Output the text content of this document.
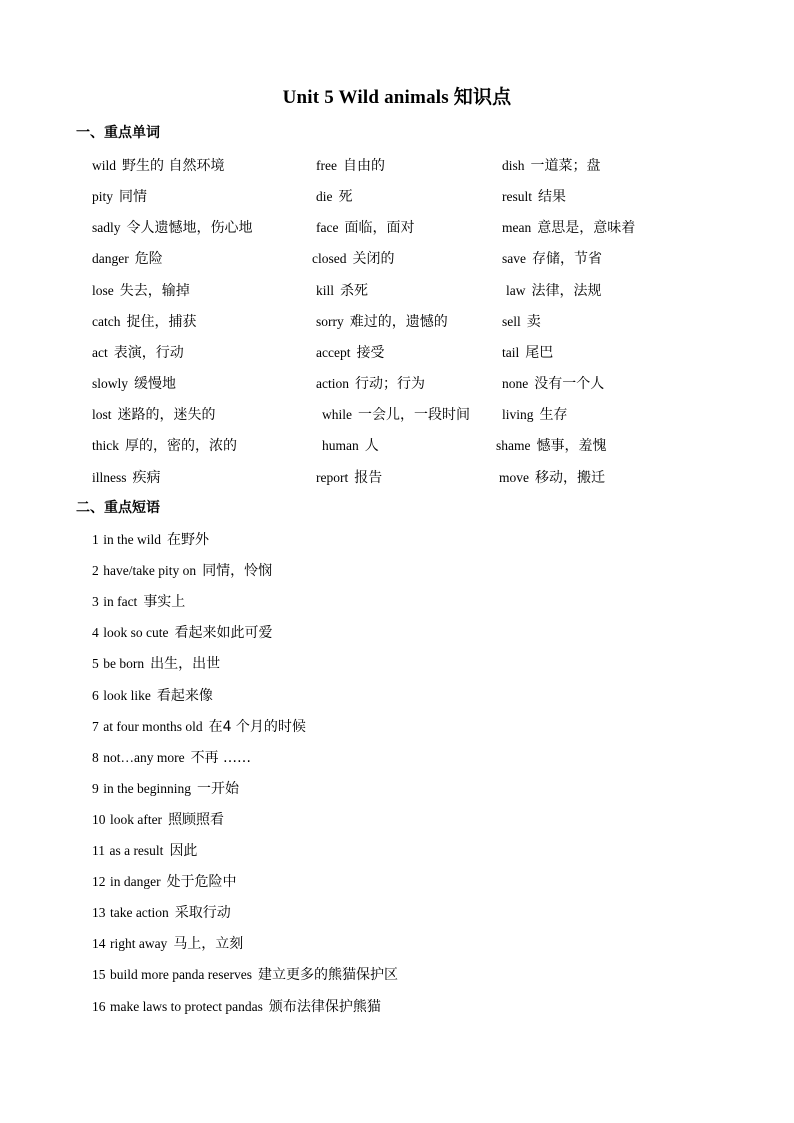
Unit 5 Wild animals 知识点
一、重点单词
wild 野生的 自然环境	free 自由的	dish 一道菜；盘
pity 同情	die 死	result 结果
sadly 令人遗憾地，伤心地	face 面临，面对	mean 意思是，意味着
danger 危险	closed 关闭的	save 存储，节省
lose 失去，输掉	kill 杀死	law 法律，法规
catch 捉住，捕获	sorry 难过的，遗憾的	sell 卖
act 表演，行动	accept 接受	tail 尾巴
slowly 缓慢地	action 行动；行为	none 没有一个人
lost 迷路的，迷失的	while 一会儿，一段时间 living 生存
thick 厚的，密的，浓的	human 人	shame 憾事，羞愧
illness 疾病	report 报告	move 移动，搬迁
二、重点短语
1 in the wild 在野外
2 have/take pity on 同情，怜悯
3 in fact 事实上
4 look so cute 看起来如此可爱
5 be born 出生，出世
6 look like 看起来像
7 at four months old 在4 个月的时候
8 not…any more 不再 ……
9 in the beginning 一开始
10 look after 照顾照看
11 as a result 因此
12 in danger 处于危险中
13 take action 采取行动
14 right away 马上，立刻
15 build more panda reserves 建立更多的熊猫保护区
16 make laws to protect pandas 颁布法律保护熊猫
